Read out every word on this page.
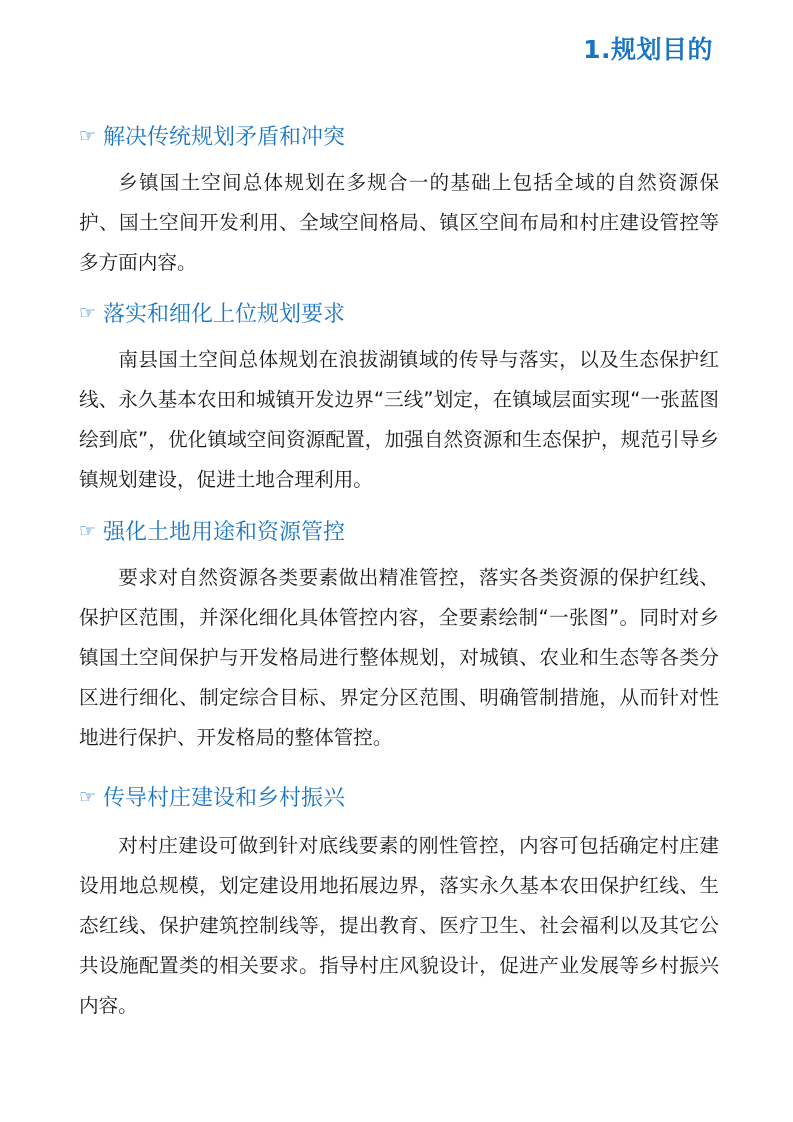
1.规划目的
☞ 解决传统规划矛盾和冲突

乡镇国土空间总体规划在多规合一的基础上包括全域的自然资源保护、国土空间开发利用、全域空间格局、镇区空间布局和村庄建设管控等多方面内容。

☞ 落实和细化上位规划要求

南县国土空间总体规划在浪拔湖镇域的传导与落实，以及生态保护红线、永久基本农田和城镇开发边界“三线”划定，在镇域层面实现“一张蓝图绘到底”，优化镇域空间资源配置，加强自然资源和生态保护，规范引导乡镇规划建设，促进土地合理利用。

☞ 强化土地用途和资源管控

要求对自然资源各类要素做出精准管控，落实各类资源的保护红线、保护区范围，并深化细化具体管控内容，全要素绘制“一张图”。同时对乡镇国土空间保护与开发格局进行整体规划，对城镇、农业和生态等各类分区进行细化、制定综合目标、界定分区范围、明确管制措施，从而针对性地进行保护、开发格局的整体管控。

☞ 传导村庄建设和乡村振兴

对村庄建设可做到针对底线要素的刚性管控，内容可包括确定村庄建设用地总规模，划定建设用地拓展边界，落实永久基本农田保护红线、生态红线、保护建筑控制线等，提出教育、医疗卫生、社会福利以及其它公共设施配置类的相关要求。指导村庄风貌设计，促进产业发展等乡村振兴内容。
